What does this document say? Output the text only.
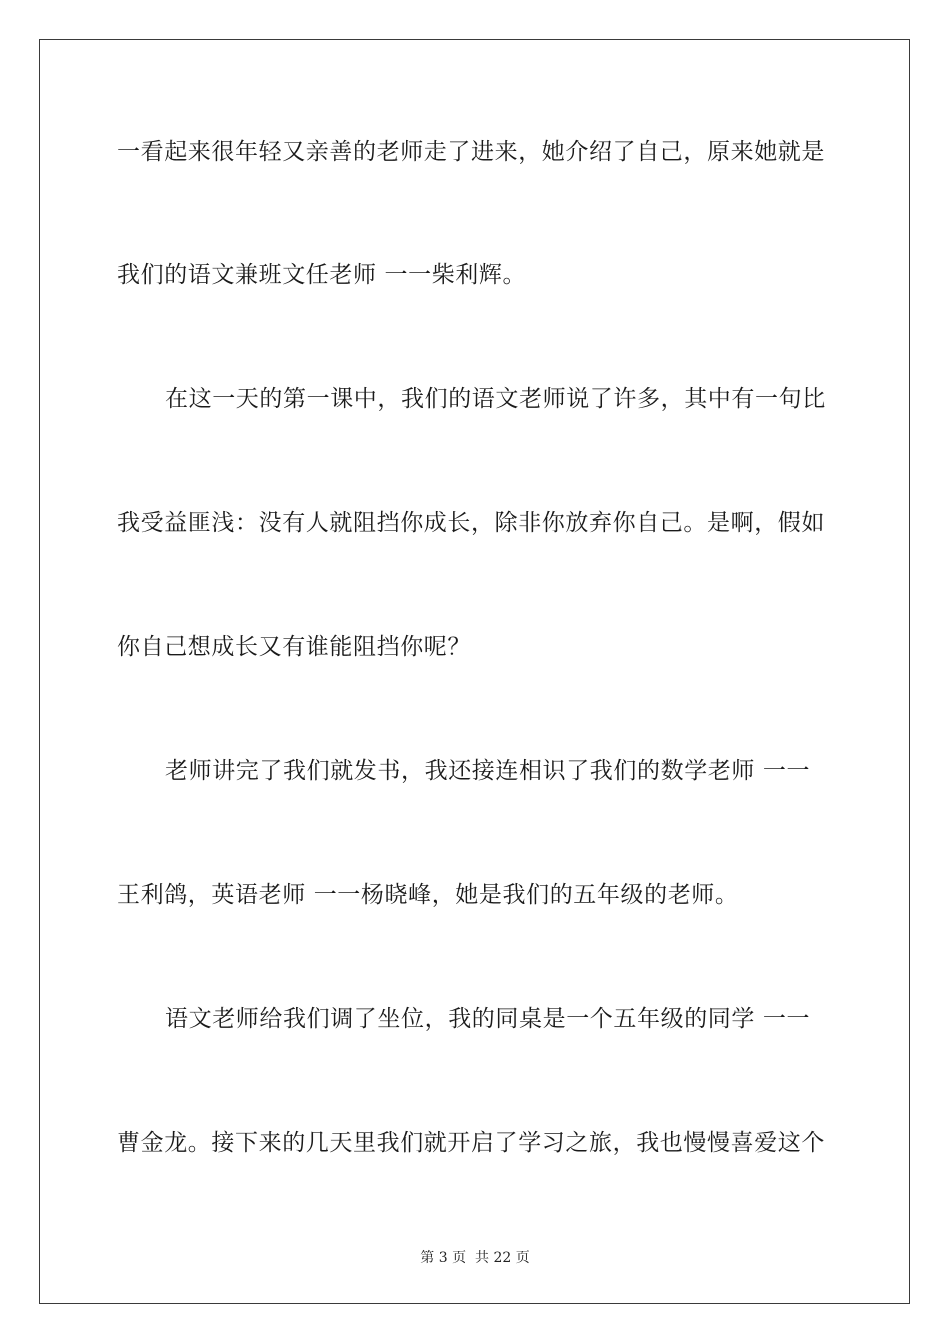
一看起来很年轻又亲善的老师走了进来，她介绍了自己，原来她就是
我们的语文兼班文任老师 一一柴利辉。
在这一天的第一课中，我们的语文老师说了许多，其中有一句比
我受益匪浅：没有人就阻挡你成长，除非你放弃你自己。是啊，假如
你自己想成长又有谁能阻挡你呢？
老师讲完了我们就发书，我还接连相识了我们的数学老师 一一
王利鸽，英语老师 一一杨晓峰，她是我们的五年级的老师。
语文老师给我们调了坐位，我的同桌是一个五年级的同学 一一
曹金龙。接下来的几天里我们就开启了学习之旅，我也慢慢喜爱这个
第 3 页  共 22 页
